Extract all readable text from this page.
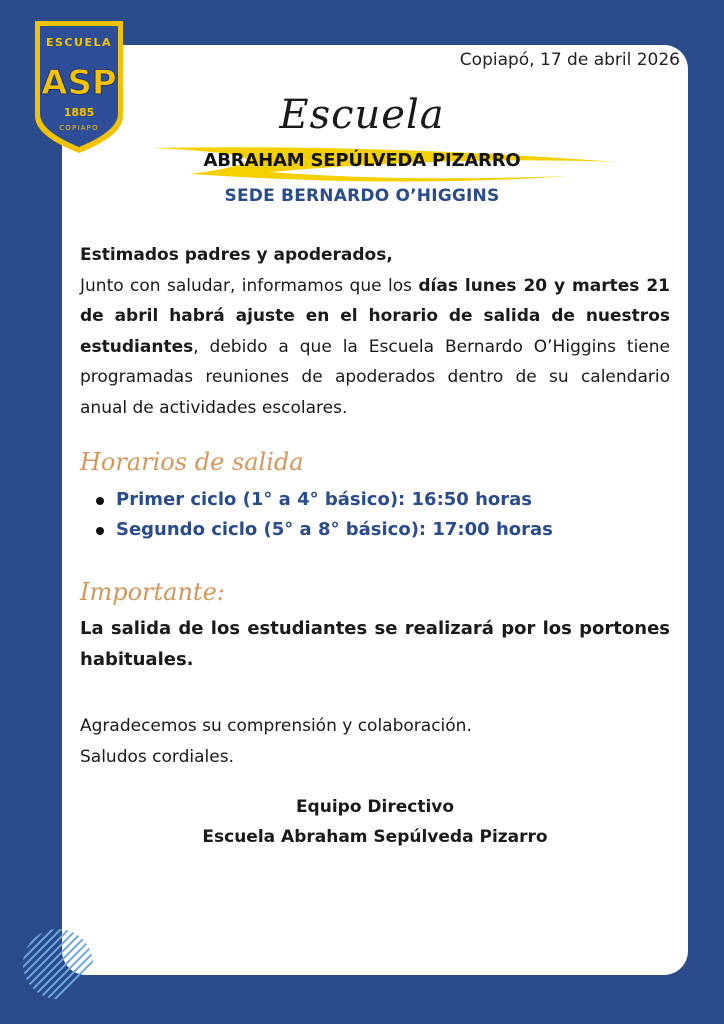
ESCUELA
ASP
1885
COPIAPO
Copiapó, 17 de abril 2026
Escuela
ABRAHAM SEPÚLVEDA PIZARRO
SEDE BERNARDO O’HIGGINS
Estimados padres y apoderados,
Junto con saludar, informamos que los días lunes 20 y martes 21 de abril habrá ajuste en el horario de salida de nuestros estudiantes, debido a que la Escuela Bernardo O’Higgins tiene programadas reuniones de apoderados dentro de su calendario anual de actividades escolares.
Horarios de salida
Primer ciclo (1° a 4° básico): 16:50 horas
Segundo ciclo (5° a 8° básico): 17:00 horas
Importante:
La salida de los estudiantes se realizará por los portones habituales.
Agradecemos su comprensión y colaboración.
Saludos cordiales.
Equipo Directivo
Escuela Abraham Sepúlveda Pizarro
